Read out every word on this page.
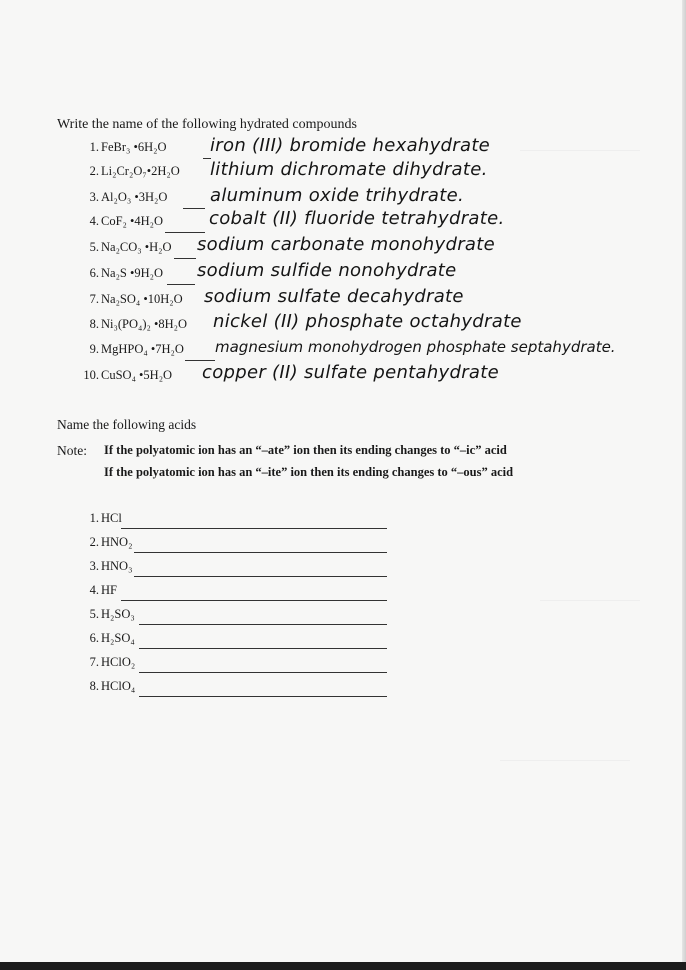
Write the name of the following hydrated compounds
1. FeBr₃ •6H₂O iron (III) bromide hexahydrate
2. Li₂Cr₂O₇•2H₂O lithium dichromate dihydrate.
3. Al₂O₃ •3H₂O aluminum oxide trihydrate.
4. CoF₂ •4H₂O	cobalt (II) fluoride tetrahydrate.
5. Na₂CO₃ •H₂O sodium carbonate monohydrate
6. Na₂S •9H₂O sodium sulfide nonohydrate
7. Na₂SO₄ •10H₂O sodium sulfate decahydrate
8. Ni₃(PO₄)₂ •8H₂O nickel (II) phosphate octahydrate
9. MgHPO₄ •7H₂O magnesium monohydrogen phosphate septahydrate.
10. CuSO₄ •5H₂O copper (II) sulfate pentahydrate
Name the following acids
Note: If the polyatomic ion has an “–ate” ion then its ending changes to “–ic” acid
If the polyatomic ion has an “–ite” ion then its ending changes to “–ous” acid
1. HCl
2. HNO₂
3. HNO₃
4. HF
5. H₂SO₃
6. H₂SO₄
7. HClO₂
8. HClO₄
